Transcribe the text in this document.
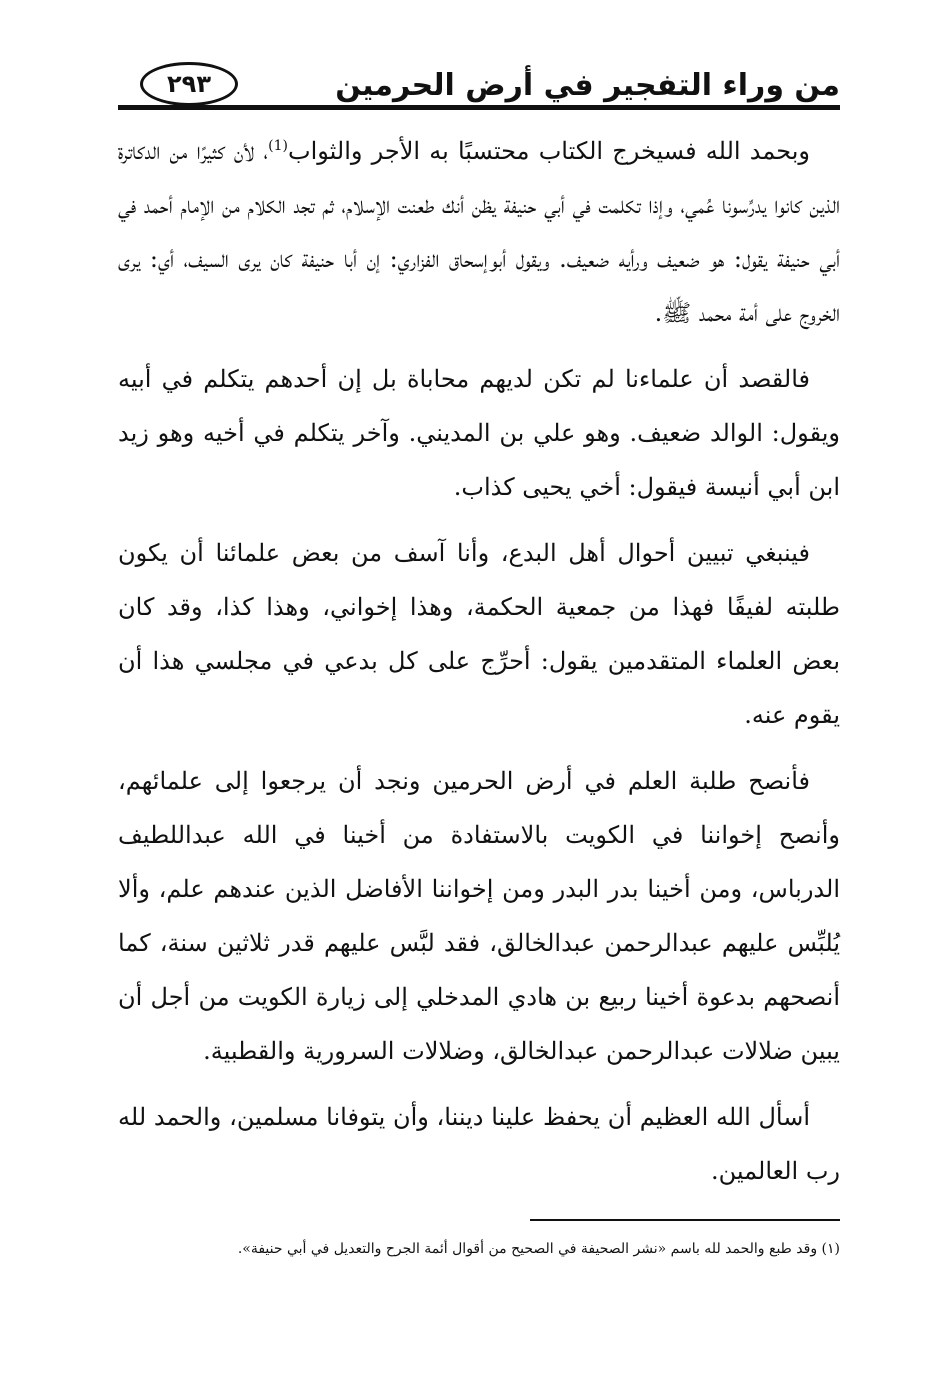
من وراء التفجير في أرض الحرمين
٢٩٣

وبحمد الله فسيخرج الكتاب محتسبًا به الأجر والثواب$^{(1)}$، لأن كثيرًا من الدكاترة الذين كانوا يدرِّسونا عُمي، وإذا تكلمت في أبي حنيفة يظن أنك طعنت الإسلام، ثم تجد الكلام من الإمام أحمد في أبي حنيفة يقول: هو ضعيف ورأيه ضعيف. ويقول أبوإسحاق الفزاري: إن أبا حنيفة كان يرى السيف، أي: يرى الخروج على أمة محمد ﷺ.

فالقصد أن علماءنا لم تكن لديهم محاباة بل إن أحدهم يتكلم في أبيه ويقول: الوالد ضعيف. وهو علي بن المديني. وآخر يتكلم في أخيه وهو زيد ابن أبي أنيسة فيقول: أخي يحيى كذاب.

فينبغي تبيين أحوال أهل البدع، وأنا آسف من بعض علمائنا أن يكون طلبته لفيفًا فهذا من جمعية الحكمة، وهذا إخواني، وهذا كذا، وقد كان بعض العلماء المتقدمين يقول: أحرِّج على كل بدعي في مجلسي هذا أن يقوم عنه.

فأنصح طلبة العلم في أرض الحرمين ونجد أن يرجعوا إلى علمائهم، وأنصح إخواننا في الكويت بالاستفادة من أخينا في الله عبداللطيف الدرباس، ومن أخينا بدر البدر ومن إخواننا الأفاضل الذين عندهم علم، وألا يُلبِّس عليهم عبدالرحمن عبدالخالق، فقد لبَّس عليهم قدر ثلاثين سنة، كما أنصحهم بدعوة أخينا ربيع بن هادي المدخلي إلى زيارة الكويت من أجل أن يبين ضلالات عبدالرحمن عبدالخالق، وضلالات السرورية والقطبية.

أسأل الله العظيم أن يحفظ علينا ديننا، وأن يتوفانا مسلمين، والحمد لله رب العالمين.

(١) وقد طبع والحمد لله باسم «نشر الصحيفة في الصحيح من أقوال أئمة الجرح والتعديل في أبي حنيفة».
